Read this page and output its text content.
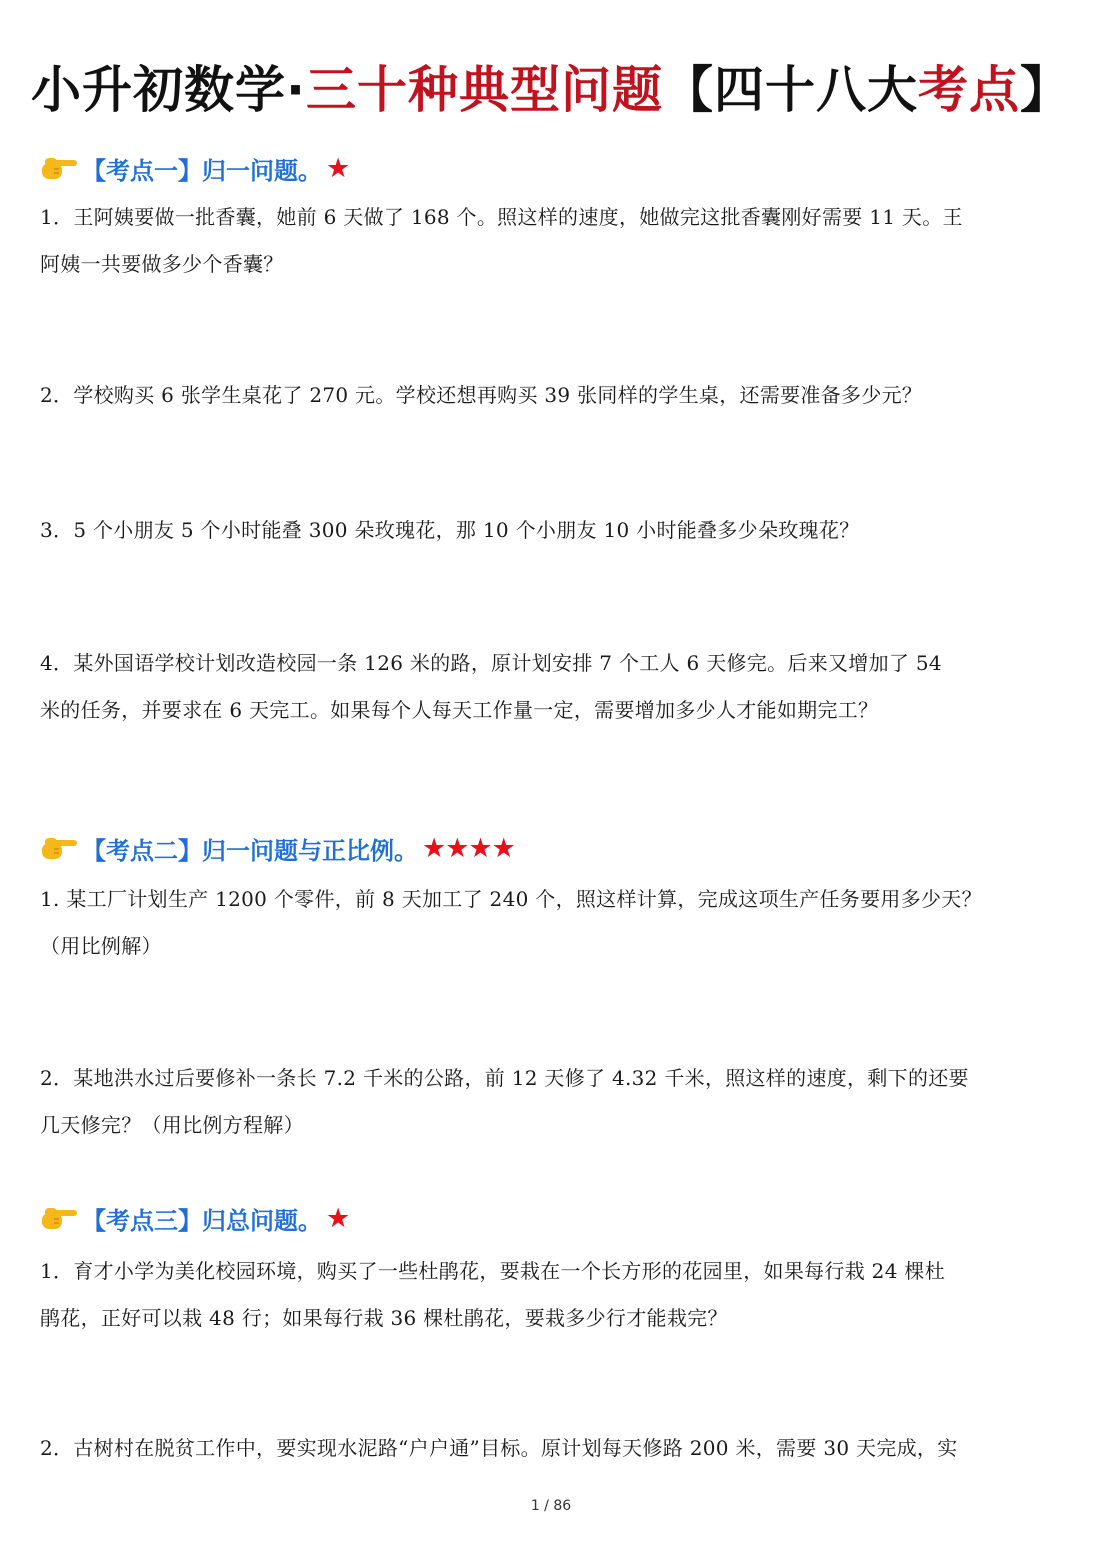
小升初数学·三十种典型问题【四十八大考点】
【考点一】归一问题。 ★
1．王阿姨要做一批香囊，她前 6 天做了 168 个。照这样的速度，她做完这批香囊刚好需要 11 天。王
阿姨一共要做多少个香囊？
2．学校购买 6 张学生桌花了 270 元。学校还想再购买 39 张同样的学生桌，还需要准备多少元？
3．5 个小朋友 5 个小时能叠 300 朵玫瑰花，那 10 个小朋友 10 小时能叠多少朵玫瑰花？
4．某外国语学校计划改造校园一条 126 米的路，原计划安排 7 个工人 6 天修完。后来又增加了 54
米的任务，并要求在 6 天完工。如果每个人每天工作量一定，需要增加多少人才能如期完工？
【考点二】归一问题与正比例。 ★★★★
1. 某工厂计划生产 1200 个零件，前 8 天加工了 240 个，照这样计算，完成这项生产任务要用多少天？
（用比例解）
2．某地洪水过后要修补一条长 7.2 千米的公路，前 12 天修了 4.32 千米，照这样的速度，剩下的还要
几天修完？（用比例方程解）
【考点三】归总问题。 ★
1．育才小学为美化校园环境，购买了一些杜鹃花，要栽在一个长方形的花园里，如果每行栽 24 棵杜
鹃花，正好可以栽 48 行；如果每行栽 36 棵杜鹃花，要栽多少行才能栽完？
2．古树村在脱贫工作中，要实现水泥路“户户通”目标。原计划每天修路 200 米，需要 30 天完成，实
1 / 86
